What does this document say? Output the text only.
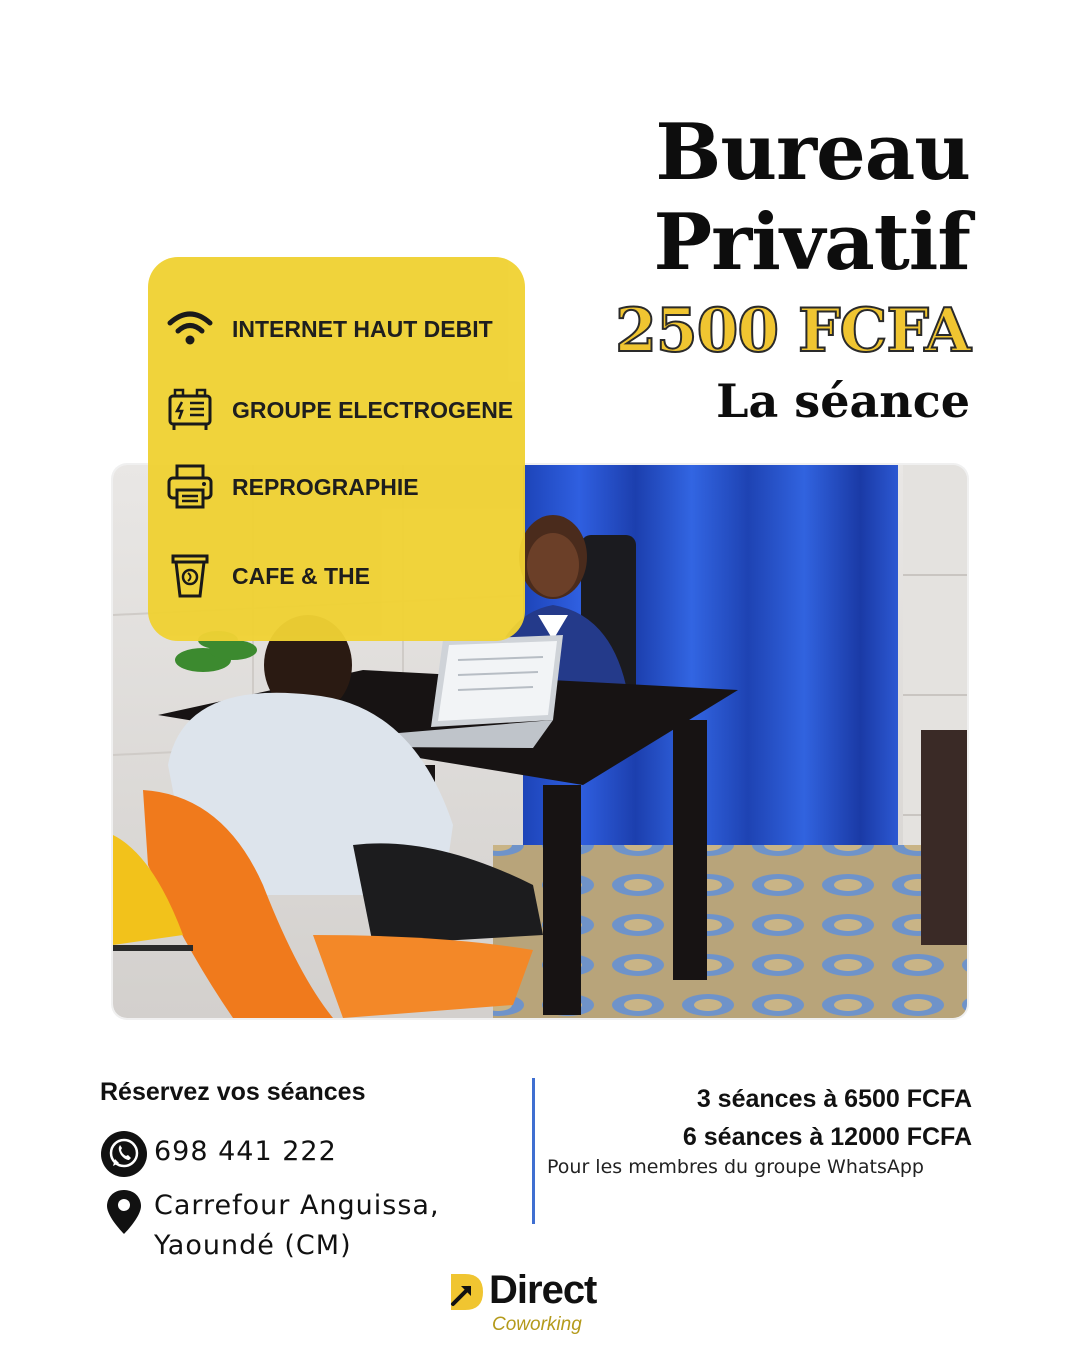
Bureau
Privatif
2500 FCFA
La séance
INTERNET HAUT DEBIT
GROUPE ELECTROGENE
REPROGRAPHIE
CAFE & THE
Réservez vos séances
698 441 222
Carrefour Anguissa,
Yaoundé (CM)
3 séances à 6500 FCFA
6 séances à 12000 FCFA
Pour les membres du groupe WhatsApp
Direct
Coworking
